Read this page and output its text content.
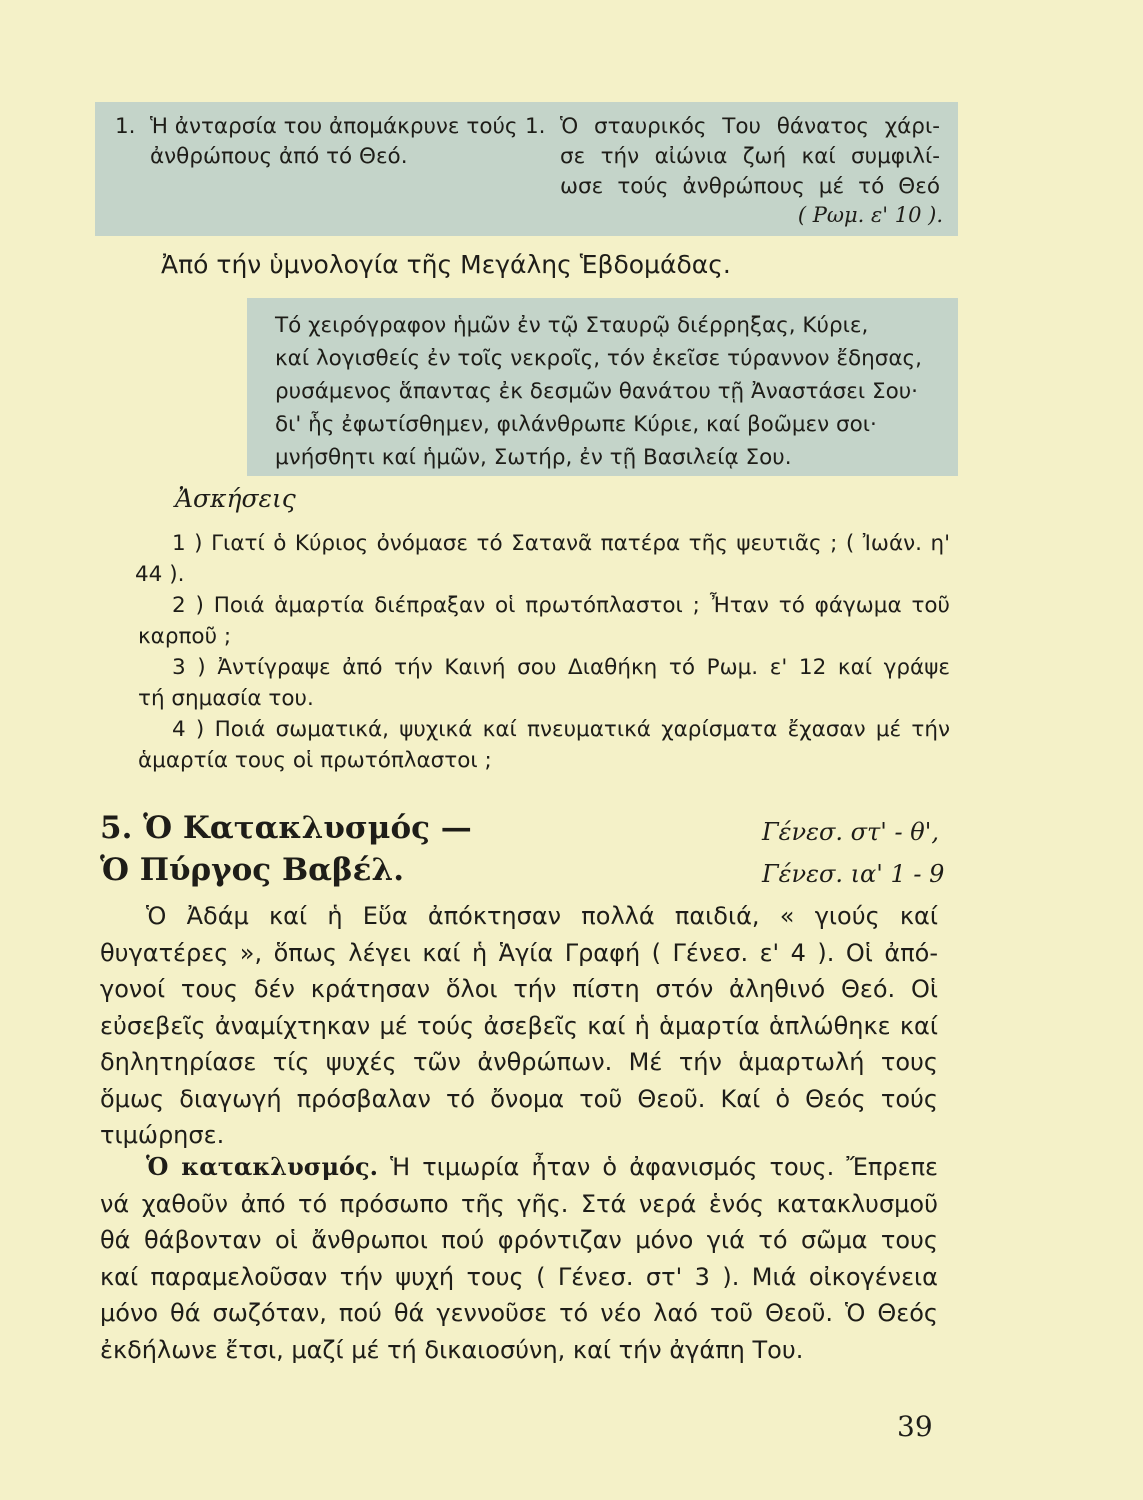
1. Ἡ ἀνταρσία του ἀπομάκρυνε τούς
ἀνθρώπους ἀπό τό Θεό.
1. Ὁ σταυρικός Του θάνατος χάρι-
σε τήν αἰώνια ζωή καί συμφιλί-
ωσε τούς ἀνθρώπους μέ τό Θεό
( Ρωμ. ε' 10 ).
Ἀπό τήν ὑμνολογία τῆς Μεγάλης Ἑβδομάδας.
Τό χειρόγραφον ἡμῶν ἐν τῷ Σταυρῷ διέρρηξας, Κύριε,
καί λογισθείς ἐν τοῖς νεκροῖς, τόν ἐκεῖσε τύραννον ἔδησας,
ρυσάμενος ἅπαντας ἐκ δεσμῶν θανάτου τῇ Ἀναστάσει Σου·
δι' ἧς ἐφωτίσθημεν, φιλάνθρωπε Κύριε, καί βοῶμεν σοι·
μνήσθητι καί ἡμῶν, Σωτήρ, ἐν τῇ Βασιλείᾳ Σου.
Ἀσκήσεις
1 ) Γιατί ὁ Κύριος ὀνόμασε τό Σατανᾶ πατέρα τῆς ψευτιᾶς ; ( Ἰωάν. η'
44 ).
2 ) Ποιά ἁμαρτία διέπραξαν οἱ πρωτόπλαστοι ; Ἦταν τό φάγωμα τοῦ
καρποῦ ;
3 ) Ἀντίγραψε ἀπό τήν Καινή σου Διαθήκη τό Ρωμ. ε' 12 καί γράψε
τή σημασία του.
4 ) Ποιά σωματικά, ψυχικά καί πνευματικά χαρίσματα ἔχασαν μέ τήν
ἁμαρτία τους οἱ πρωτόπλαστοι ;
5. Ὁ Κατακλυσμός —
Ὁ Πύργος Βαβέλ.
Γένεσ. στ' - θ',
Γένεσ. ια' 1 - 9
Ὁ Ἀδάμ καί ἡ Εὕα ἀπόκτησαν πολλά παιδιά, « γιούς καί
θυγατέρες », ὅπως λέγει καί ἡ Ἁγία Γραφή ( Γένεσ. ε' 4 ). Οἱ ἀπό-
γονοί τους δέν κράτησαν ὅλοι τήν πίστη στόν ἀληθινό Θεό. Οἱ
εὐσεβεῖς ἀναμίχτηκαν μέ τούς ἀσεβεῖς καί ἡ ἁμαρτία ἁπλώθηκε καί
δηλητηρίασε τίς ψυχές τῶν ἀνθρώπων. Μέ τήν ἁμαρτωλή τους
ὅμως διαγωγή πρόσβαλαν τό ὄνομα τοῦ Θεοῦ. Καί ὁ Θεός τούς
τιμώρησε.
Ὁ κατακλυσμός. Ἡ τιμωρία ἦταν ὁ ἀφανισμός τους. Ἔπρεπε
νά χαθοῦν ἀπό τό πρόσωπο τῆς γῆς. Στά νερά ἑνός κατακλυσμοῦ
θά θάβονταν οἱ ἄνθρωποι πού φρόντιζαν μόνο γιά τό σῶμα τους
καί παραμελοῦσαν τήν ψυχή τους ( Γένεσ. στ' 3 ). Μιά οἰκογένεια
μόνο θά σωζόταν, πού θά γεννοῦσε τό νέο λαό τοῦ Θεοῦ. Ὁ Θεός
ἐκδήλωνε ἔτσι, μαζί μέ τή δικαιοσύνη, καί τήν ἀγάπη Του.
39
